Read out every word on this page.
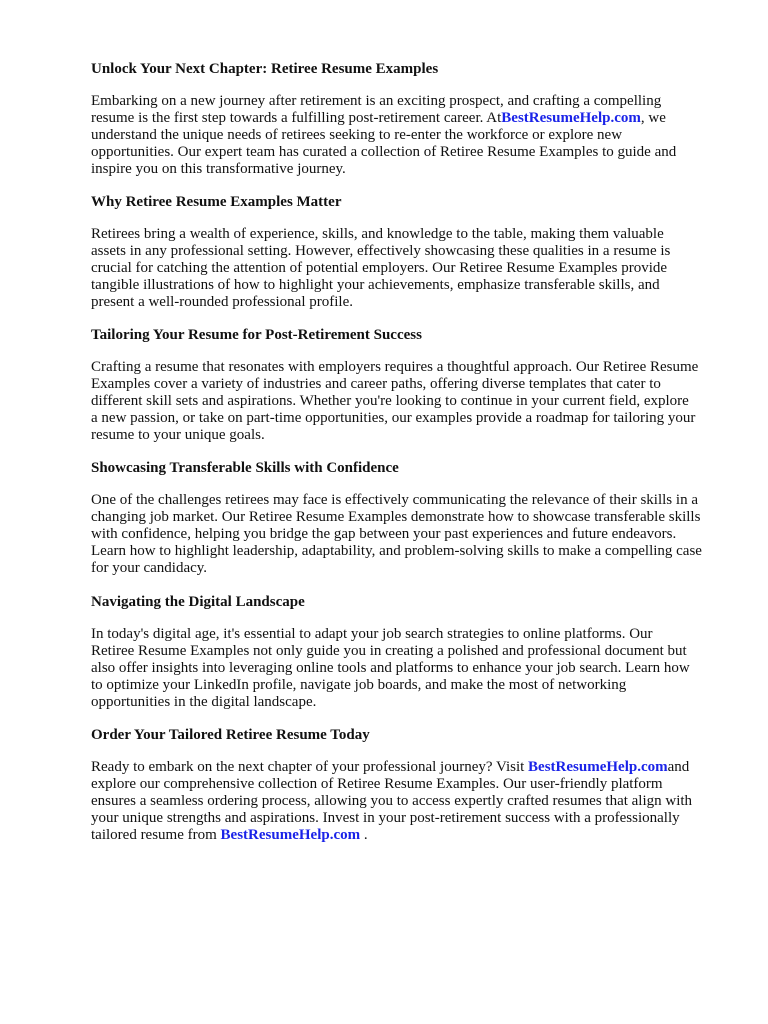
Unlock Your Next Chapter: Retiree Resume Examples
Embarking on a new journey after retirement is an exciting prospect, and crafting a compelling
resume is the first step towards a fulfilling post-retirement career. AtBestResumeHelp.com, we
understand the unique needs of retirees seeking to re-enter the workforce or explore new
opportunities. Our expert team has curated a collection of Retiree Resume Examples to guide and
inspire you on this transformative journey.
Why Retiree Resume Examples Matter
Retirees bring a wealth of experience, skills, and knowledge to the table, making them valuable
assets in any professional setting. However, effectively showcasing these qualities in a resume is
crucial for catching the attention of potential employers. Our Retiree Resume Examples provide
tangible illustrations of how to highlight your achievements, emphasize transferable skills, and
present a well-rounded professional profile.
Tailoring Your Resume for Post-Retirement Success
Crafting a resume that resonates with employers requires a thoughtful approach. Our Retiree Resume
Examples cover a variety of industries and career paths, offering diverse templates that cater to
different skill sets and aspirations. Whether you're looking to continue in your current field, explore
a new passion, or take on part-time opportunities, our examples provide a roadmap for tailoring your
resume to your unique goals.
Showcasing Transferable Skills with Confidence
One of the challenges retirees may face is effectively communicating the relevance of their skills in a
changing job market. Our Retiree Resume Examples demonstrate how to showcase transferable skills
with confidence, helping you bridge the gap between your past experiences and future endeavors.
Learn how to highlight leadership, adaptability, and problem-solving skills to make a compelling case
for your candidacy.
Navigating the Digital Landscape
In today's digital age, it's essential to adapt your job search strategies to online platforms. Our
Retiree Resume Examples not only guide you in creating a polished and professional document but
also offer insights into leveraging online tools and platforms to enhance your job search. Learn how
to optimize your LinkedIn profile, navigate job boards, and make the most of networking
opportunities in the digital landscape.
Order Your Tailored Retiree Resume Today
Ready to embark on the next chapter of your professional journey? Visit BestResumeHelp.comand
explore our comprehensive collection of Retiree Resume Examples. Our user-friendly platform
ensures a seamless ordering process, allowing you to access expertly crafted resumes that align with
your unique strengths and aspirations. Invest in your post-retirement success with a professionally
tailored resume from BestResumeHelp.com .
